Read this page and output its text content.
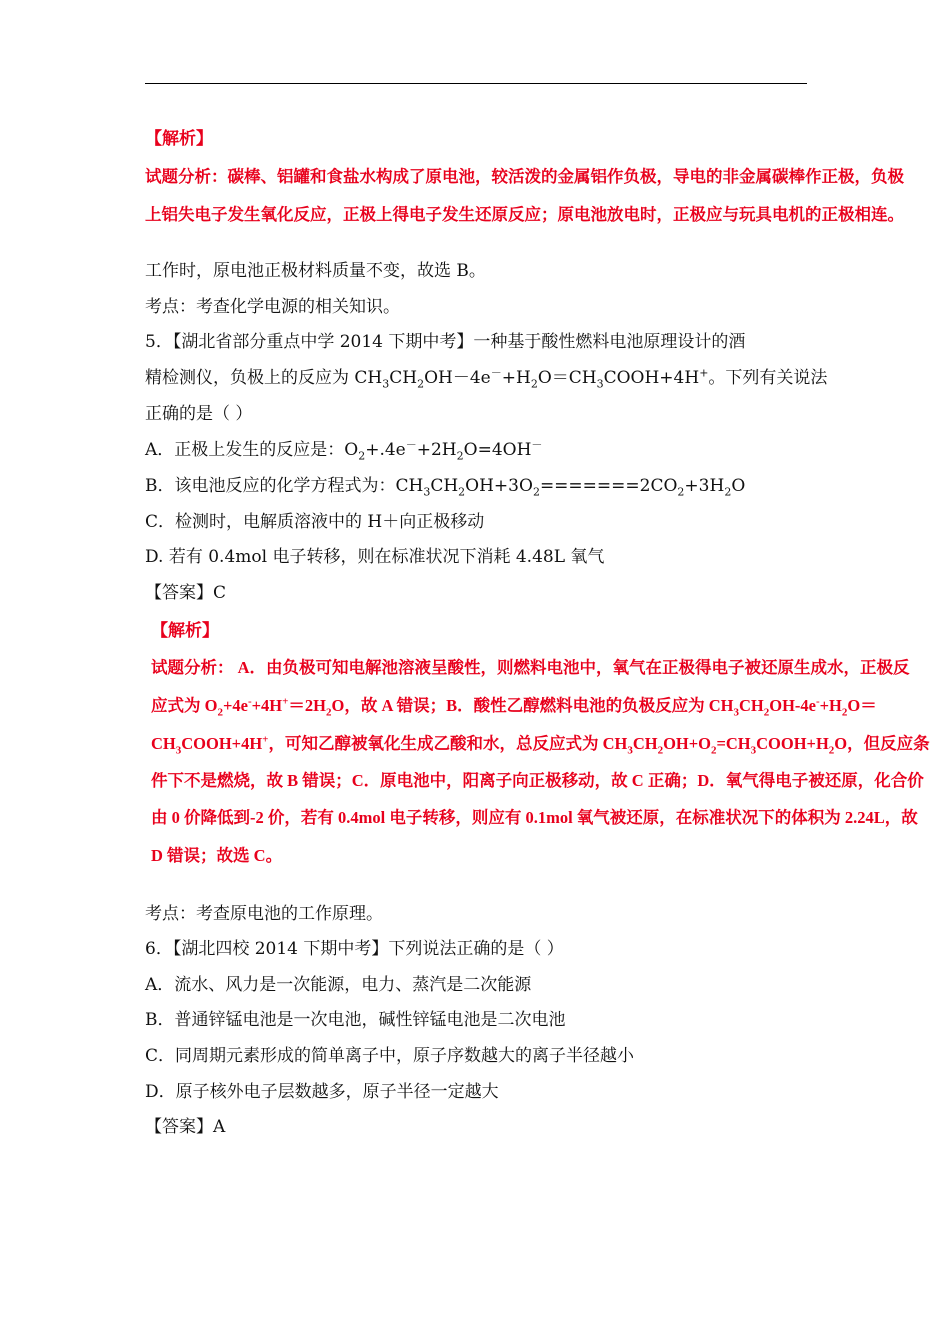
【解析】
试题分析：碳棒、铝罐和食盐水构成了原电池，较活泼的金属铝作负极，导电的非金属碳棒作正极，负极
上铝失电子发生氧化反应，正极上得电子发生还原反应；原电池放电时，正极应与玩具电机的正极相连。
工作时，原电池正极材料质量不变，故选 B。
考点：考查化学电源的相关知识。
5．【湖北省部分重点中学 2014 下期中考】一种基于酸性燃料电池原理设计的酒
精检测仪，负极上的反应为 $CH_3CH_2OH-4e^-+H_2O=CH_3COOH+4H^+$。下列有关说法
正确的是（ ）
A．正极上发生的反应是：$O_2+.4e^-+2H_2O=4OH^-$
B．该电池反应的化学方程式为：$CH_3CH_2OH+3O_2=======2CO_2+3H_2O$
C．检测时，电解质溶液中的 H＋向正极移动
D. 若有 0.4mol 电子转移，则在标准状况下消耗 4.48L 氧气
【答案】C
【解析】
试题分析： A．由负极可知电解池溶液呈酸性，则燃料电池中，氧气在正极得电子被还原生成水，正极反
应式为 $O_2+4e^-+4H^+=2H_2O$，故 A 错误；B．酸性乙醇燃料电池的负极反应为 $CH_3CH_2OH-4e^-+H_2O=$
$CH_3COOH+4H^+$，可知乙醇被氧化生成乙酸和水，总反应式为 $CH_3CH_2OH+O_2=CH_3COOH+H_2O$，但反应条
件下不是燃烧，故 B 错误；C．原电池中，阳离子向正极移动，故 C 正确；D．氧气得电子被还原，化合价
由 0 价降低到-2 价，若有 0.4mol 电子转移，则应有 0.1mol 氧气被还原，在标准状况下的体积为 2.24L，故
D 错误；故选 C。
考点：考查原电池的工作原理。
6．【湖北四校 2014 下期中考】下列说法正确的是（ ）
A．流水、风力是一次能源，电力、蒸汽是二次能源
B．普通锌锰电池是一次电池，碱性锌锰电池是二次电池
C．同周期元素形成的简单离子中，原子序数越大的离子半径越小
D．原子核外电子层数越多，原子半径一定越大
【答案】A
